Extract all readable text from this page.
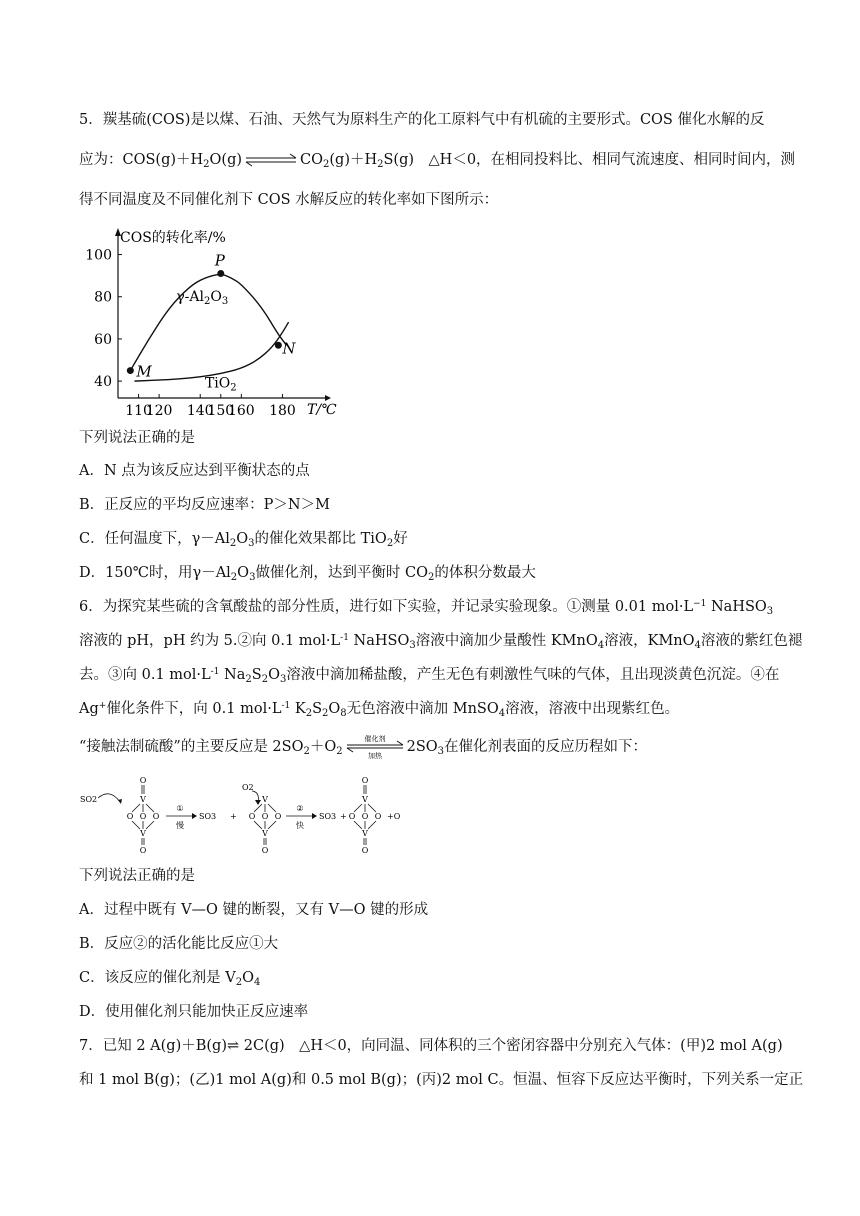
5．羰基硫(COS)是以煤、石油、天然气为原料生产的化工原料气中有机硫的主要形式。COS 催化水解的反
应为：$COS(g)+H_2O(g)\rightleftharpoons CO_2(g)+H_2S(g)$　△H＜0，在相同投料比、相同气流速度、相同时间内，测
得不同温度及不同催化剂下 COS 水解反应的转化率如下图所示：
COS的转化率/%
T/℃
40
60
80
100
110
120 140
150
160 180
$\gamma-Al_2O_3$
TiO$_2$
M
P
N
下列说法正确的是
A．N 点为该反应达到平衡状态的点
B．正反应的平均反应速率：P＞N＞M
C．任何温度下，$\gamma-Al_2O_3$的催化效果都比 TiO$_2$好
D．150℃时，用$\gamma-Al_2O_3$做催化剂，达到平衡时 $CO_2$的体积分数最大
6．为探究某些硫的含氧酸盐的部分性质，进行如下实验，并记录实验现象。①测量 0.01 $mol\cdot L^{-1}$ NaHSO$_3$
溶液的 pH，pH 约为 5.②向 0.1 $mol\cdot L^{-1}$ NaHSO$_3$溶液中滴加少量酸性 KMnO$_4$溶液，KMnO$_4$溶液的紫红色褪
去。③向 0.1 $mol\cdot L^{-1}$ $Na_2S_2O_3$溶液中滴加稀盐酸，产生无色有刺激性气味的气体，且出现淡黄色沉淀。④在
Ag+催化条件下，向 0.1 $mol\cdot L^{-1}$ $K_2S_2O_8$无色溶液中滴加 MnSO$_4$溶液，溶液中出现紫红色。
“接触法制硫酸”的主要反应是 $2SO_2+O_2$
催化剂
加热
$2SO_3$在催化剂表面的反应历程如下：
SO2
O
V
O O O
V
O
①
慢
SO3 +
O2
V
O O O
V
O
②
快
SO3 +
O
V
O O O
V
O
+O
下列说法正确的是
A．过程中既有 V—O 键的断裂，又有 V—O 键的形成
B．反应②的活化能比反应①大
C．该反应的催化剂是 $V_2O_4$
D．使用催化剂只能加快正反应速率
7．已知 2 A(g)＋B(g)⇌ 2C(g)　△H＜0，向同温、同体积的三个密闭容器中分别充入气体：(甲)2 mol A(g)
和 1 mol B(g)；(乙)1 mol A(g)和 0.5 mol B(g)；(丙)2 mol C。恒温、恒容下反应达平衡时，下列关系一定正
